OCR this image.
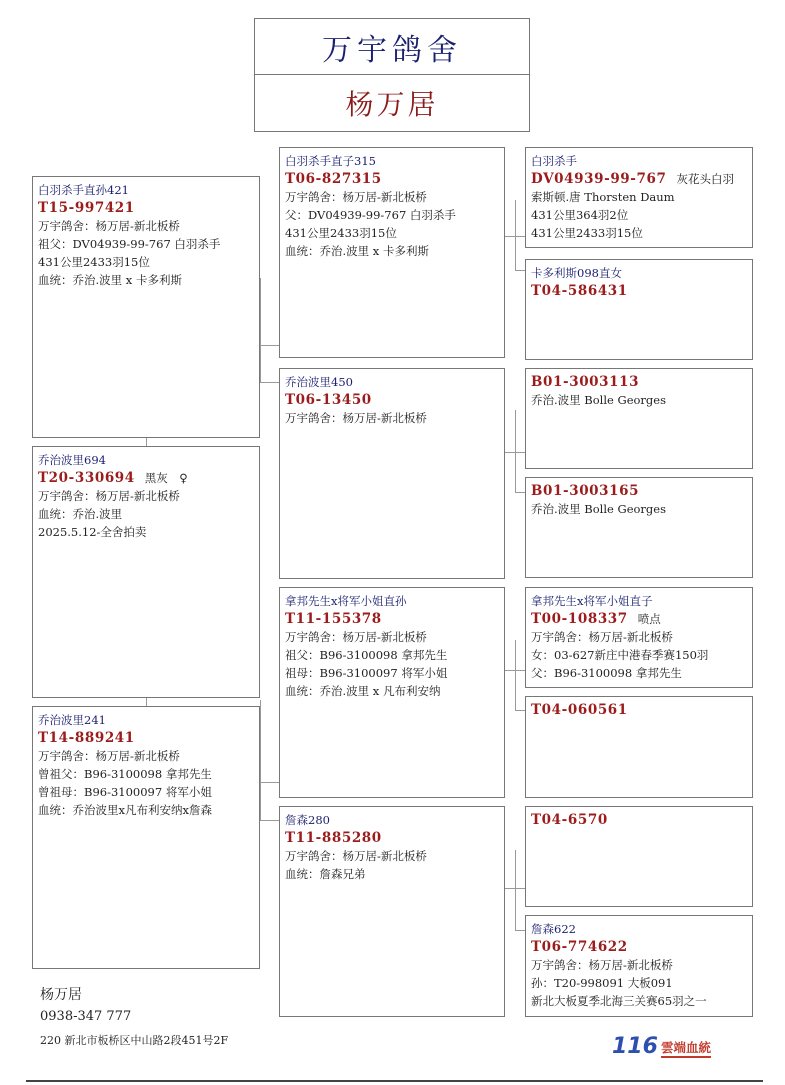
万宇鸽舍
杨万居
白羽杀手直孙421
T15-997421
万宇鸽舍：杨万居-新北板桥
祖父：DV04939-99-767 白羽杀手
431公里2433羽15位
血统：乔治.波里 x 卡多利斯
乔治波里694
T20-330694 黑灰　♀
万宇鸽舍：杨万居-新北板桥
血统：乔治.波里
2025.5.12-全舍拍卖
乔治波里241
T14-889241
万宇鸽舍：杨万居-新北板桥
曾祖父：B96-3100098 拿邦先生
曾祖母：B96-3100097 将军小姐
血统：乔治波里x凡布利安纳x詹森
白羽杀手直子315
T06-827315
万宇鸽舍：杨万居-新北板桥
父：DV04939-99-767 白羽杀手
431公里2433羽15位
血统：乔治.波里 x 卡多利斯
乔治波里450
T06-13450
万宇鸽舍：杨万居-新北板桥
拿邦先生x将军小姐直孙
T11-155378
万宇鸽舍：杨万居-新北板桥
祖父：B96-3100098 拿邦先生
祖母：B96-3100097 将军小姐
血统：乔治.波里 x 凡布利安纳
詹森280
T11-885280
万宇鸽舍：杨万居-新北板桥
血统：詹森兄弟
白羽杀手
DV04939-99-767 灰花头白羽
索斯顿.唐 Thorsten Daum
431公里364羽2位
431公里2433羽15位
卡多利斯098直女
T04-586431
B01-3003113
乔治.波里 Bolle Georges
B01-3003165
乔治.波里 Bolle Georges
拿邦先生x将军小姐直子
T00-108337 喷点
万宇鸽舍：杨万居-新北板桥
女：03-627新庄中港春季赛150羽
父：B96-3100098 拿邦先生
T04-060561
T04-6570
詹森622
T06-774622
万宇鸽舍：杨万居-新北板桥
孙：T20-998091 大板091
新北大板夏季北海三关赛65羽之一
杨万居
0938-347 777
220 新北市板桥区中山路2段451号2F	116 雲端血統
